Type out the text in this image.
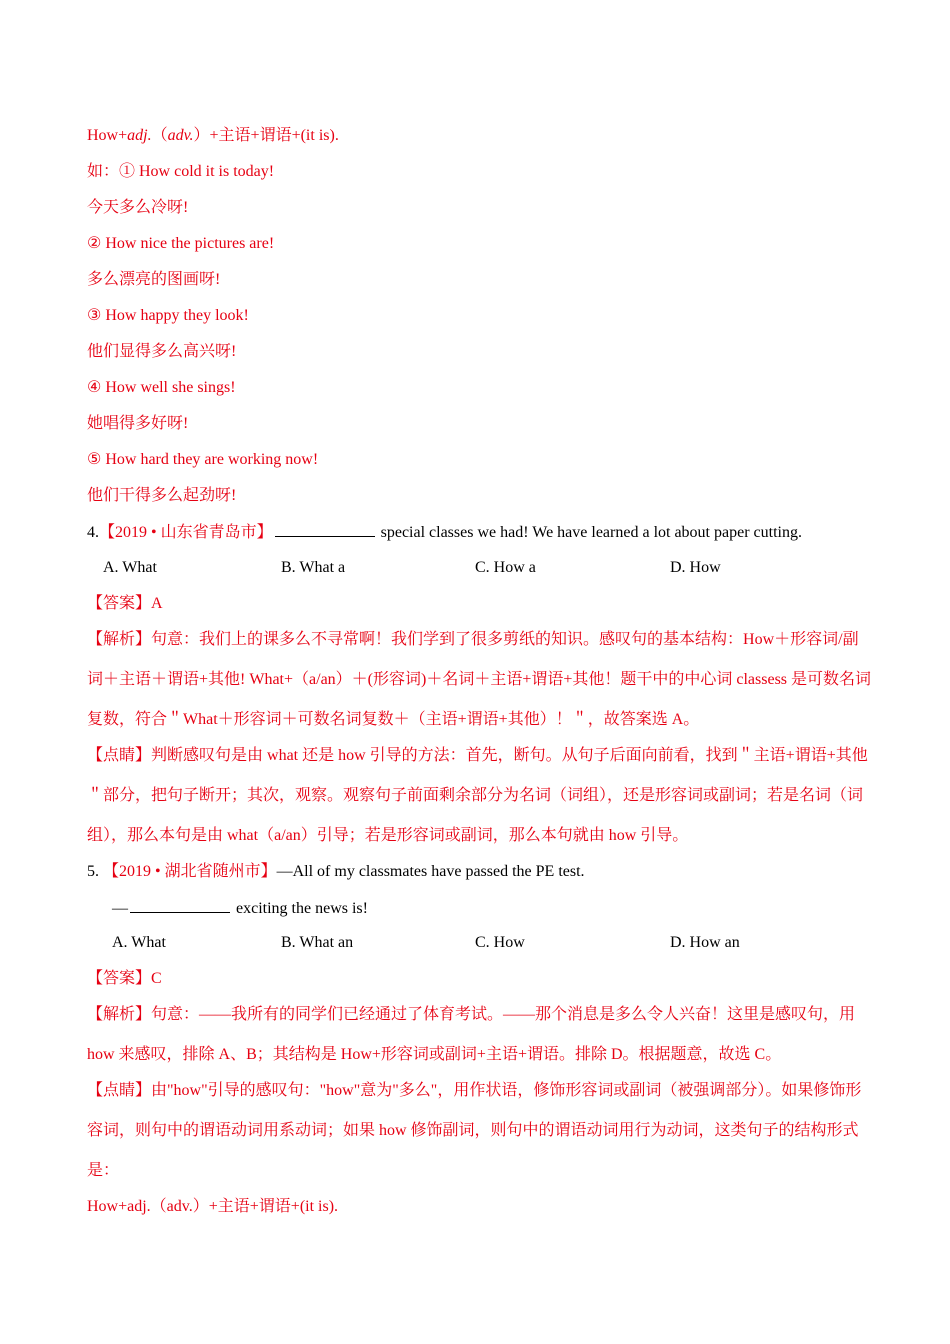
How+adj.（adv.）+主语+谓语+(it is).
如：① How cold it is today!
今天多么冷呀!
② How nice the pictures are!
多么漂亮的图画呀!
③ How happy they look!
他们显得多么高兴呀!
④ How well she sings!
她唱得多好呀!
⑤ How hard they are working now!
他们干得多么起劲呀!
4.【2019 • 山东省青岛市】	special classes we had! We have learned a lot about paper cutting.
A. What	B. What a	C. How a	D. How
【答案】A
【解析】句意：我们上的课多么不寻常啊！我们学到了很多剪纸的知识。感叹句的基本结构：How＋形容词/副词＋主语＋谓语+其他! What+（a/an）＋(形容词)＋名词＋主语+谓语+其他！题干中的中心词 classess 是可数名词复数，符合＂What＋形容词＋可数名词复数＋（主语+谓语+其他）！＂，故答案选 A。
【点睛】判断感叹句是由 what 还是 how 引导的方法：首先，断句。从句子后面向前看，找到＂主语+谓语+其他＂部分，把句子断开；其次，观察。观察句子前面剩余部分为名词（词组），还是形容词或副词；若是名词（词组），那么本句是由 what（a/an）引导；若是形容词或副词，那么本句就由 how 引导。
5. 【2019 • 湖北省随州市】—All of my classmates have passed the PE test.
—	exciting the news is!
A. What	B. What an	C. How	D. How an
【答案】C
【解析】句意：——我所有的同学们已经通过了体育考试。——那个消息是多么令人兴奋！这里是感叹句，用 how 来感叹，排除 A、B；其结构是 How+形容词或副词+主语+谓语。排除 D。根据题意，故选 C。
【点睛】由"how"引导的感叹句："how"意为"多么"，用作状语，修饰形容词或副词（被强调部分）。如果修饰形容词，则句中的谓语动词用系动词；如果 how 修饰副词，则句中的谓语动词用行为动词，这类句子的结构形式是：
How+adj.（adv.）+主语+谓语+(it is).
